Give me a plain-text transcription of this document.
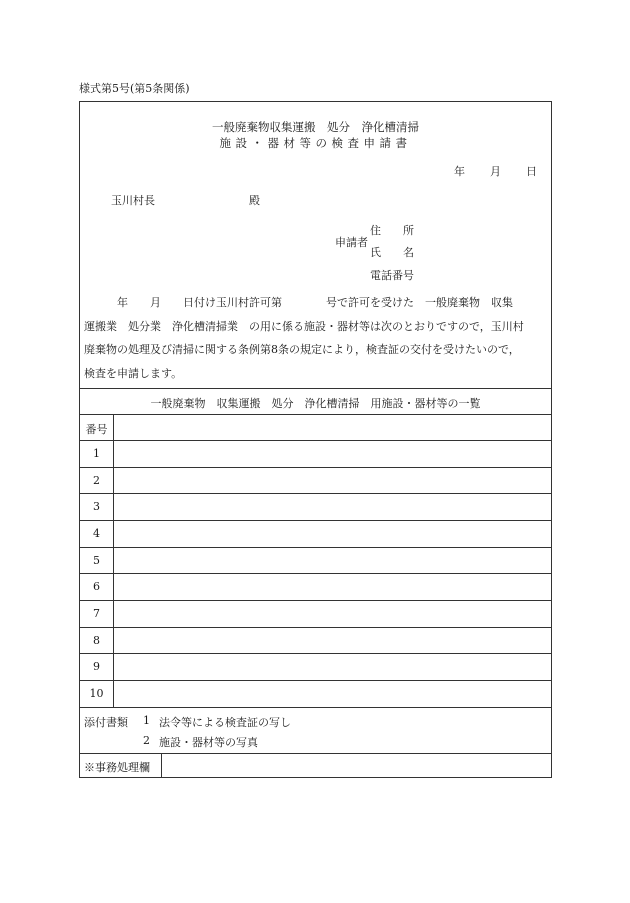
様式第5号(第5条関係)
一般廃棄物収集運搬　処分　浄化槽清掃
施設・器材等の検査申請書
年 月 日
玉川村長	殿
申請者
住　　所
氏　　名
電話番号
　　　年　　月　　日付け玉川村許可第　　　　号で許可を受けた　一般廃棄物　収集
運搬業　処分業　浄化槽清掃業　の用に係る施設・器材等は次のとおりですので，玉川村
廃棄物の処理及び清掃に関する条例第8条の規定により，検査証の交付を受けたいので，
検査を申請します。
一般廃棄物　収集運搬　処分　浄化槽清掃　用施設・器材等の一覧
番号
1
2
3
4
5
6
7
8
9
10
添付書類 1 法令等による検査証の写し
2 施設・器材等の写真
※事務処理欄
